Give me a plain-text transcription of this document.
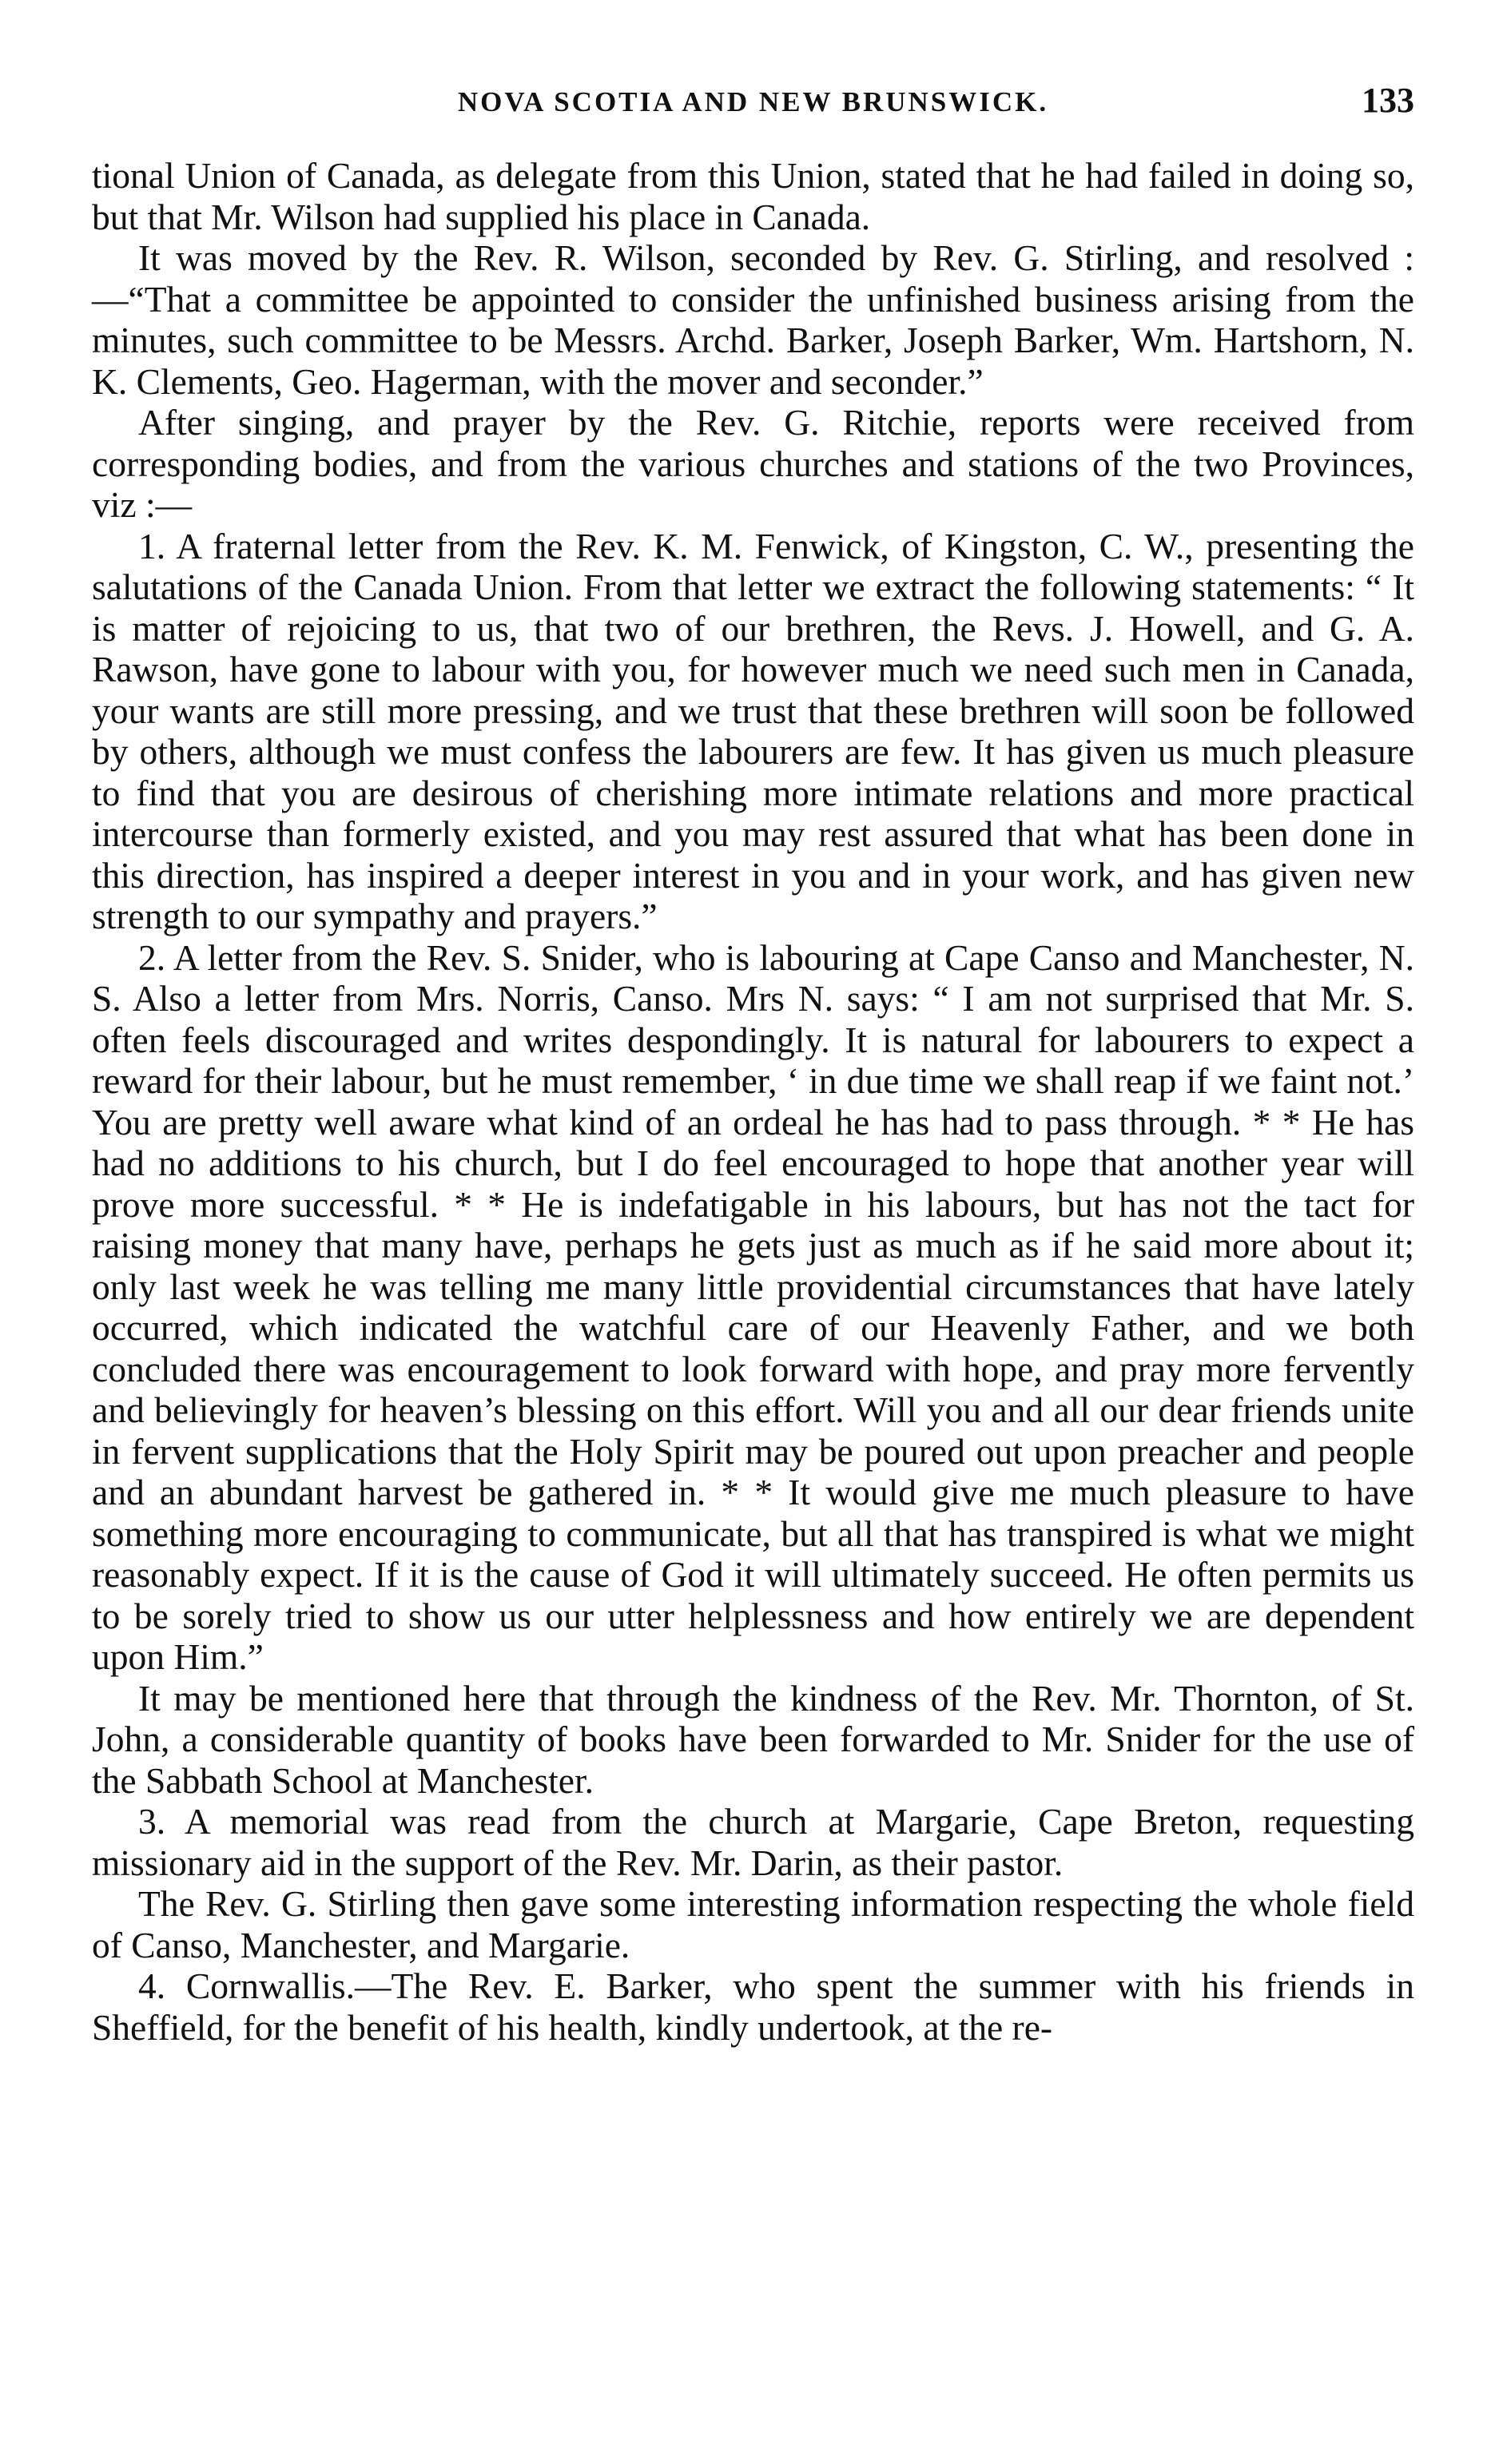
NOVA SCOTIA AND NEW BRUNSWICK.	133

tional Union of Canada, as delegate from this Union, stated that he had failed in doing so, but that Mr. Wilson had supplied his place in Canada.

It was moved by the Rev. R. Wilson, seconded by Rev. G. Stirling, and resolved :—“That a committee be appointed to consider the unfinished business arising from the minutes, such committee to be Messrs. Archd. Barker, Joseph Barker, Wm. Hartshorn, N. K. Clements, Geo. Hagerman, with the mover and seconder.”

After singing, and prayer by the Rev. G. Ritchie, reports were received from corresponding bodies, and from the various churches and stations of the two Provinces, viz :—

1. A fraternal letter from the Rev. K. M. Fenwick, of Kingston, C. W., presenting the salutations of the Canada Union. From that letter we extract the following statements: “ It is matter of rejoicing to us, that two of our brethren, the Revs. J. Howell, and G. A. Rawson, have gone to labour with you, for however much we need such men in Canada, your wants are still more pressing, and we trust that these brethren will soon be followed by others, although we must confess the labourers are few. It has given us much pleasure to find that you are desirous of cherishing more intimate relations and more practical intercourse than formerly existed, and you may rest assured that what has been done in this direction, has inspired a deeper interest in you and in your work, and has given new strength to our sympathy and prayers.”

2. A letter from the Rev. S. Snider, who is labouring at Cape Canso and Manchester, N. S. Also a letter from Mrs. Norris, Canso. Mrs N. says: “ I am not surprised that Mr. S. often feels discouraged and writes despondingly. It is natural for labourers to expect a reward for their labour, but he must remember, ‘ in due time we shall reap if we faint not.’ You are pretty well aware what kind of an ordeal he has had to pass through. * * He has had no additions to his church, but I do feel encouraged to hope that another year will prove more successful. * * He is indefatigable in his labours, but has not the tact for raising money that many have, perhaps he gets just as much as if he said more about it; only last week he was telling me many little providential circumstances that have lately occurred, which indicated the watchful care of our Heavenly Father, and we both concluded there was encouragement to look forward with hope, and pray more fervently and believingly for heaven’s blessing on this effort. Will you and all our dear friends unite in fervent supplications that the Holy Spirit may be poured out upon preacher and people and an abundant harvest be gathered in. * * It would give me much pleasure to have something more encouraging to communicate, but all that has transpired is what we might reasonably expect. If it is the cause of God it will ultimately succeed. He often permits us to be sorely tried to show us our utter helplessness and how entirely we are dependent upon Him.”

It may be mentioned here that through the kindness of the Rev. Mr. Thornton, of St. John, a considerable quantity of books have been forwarded to Mr. Snider for the use of the Sabbath School at Manchester.

3. A memorial was read from the church at Margarie, Cape Breton, requesting missionary aid in the support of the Rev. Mr. Darin, as their pastor.

The Rev. G. Stirling then gave some interesting information respecting the whole field of Canso, Manchester, and Margarie.

4. Cornwallis.—The Rev. E. Barker, who spent the summer with his friends in Sheffield, for the benefit of his health, kindly undertook, at the re-
